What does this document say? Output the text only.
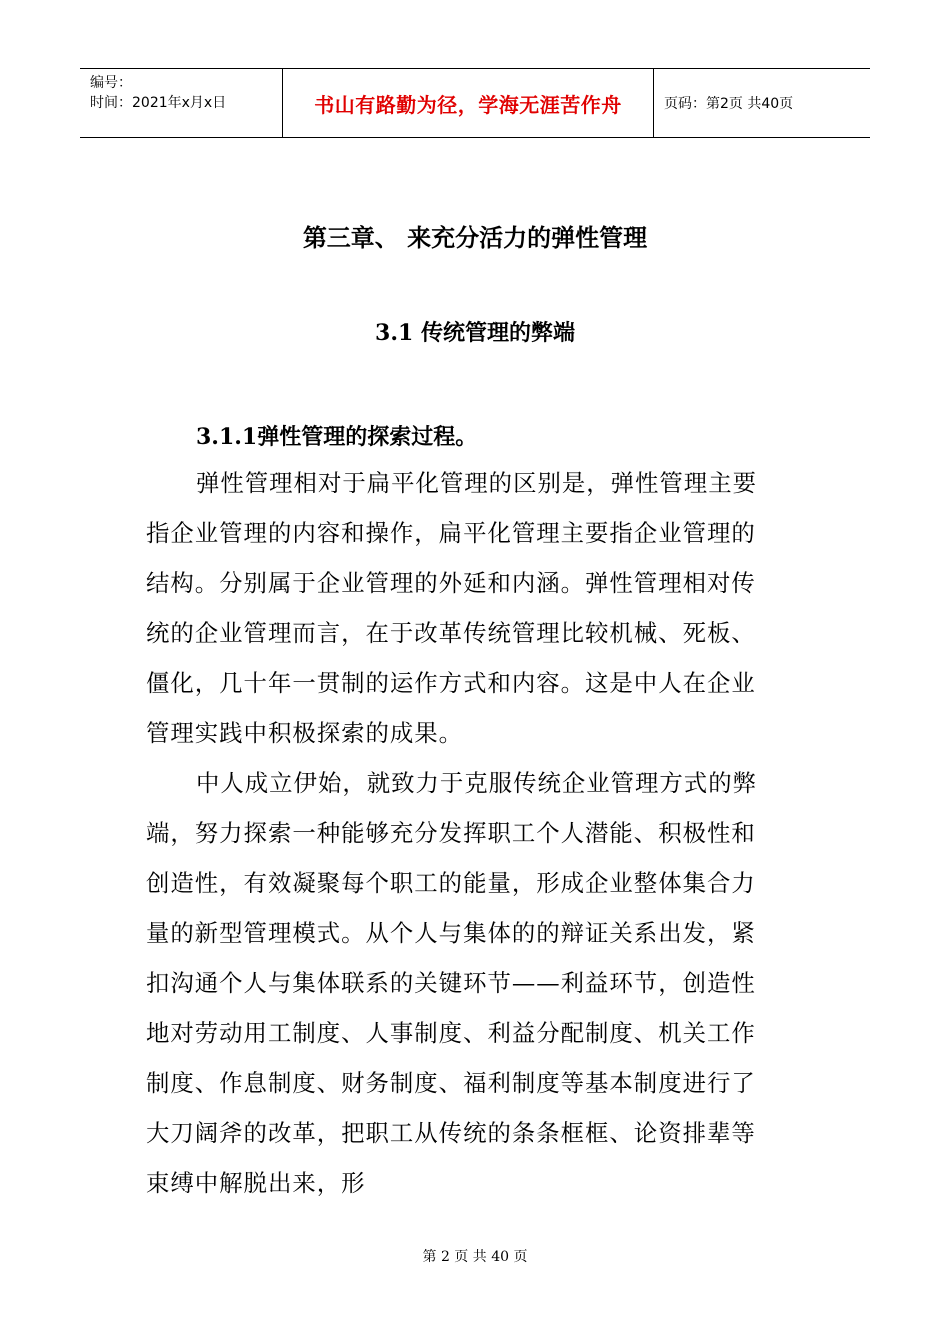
编号：
时间：2021年x月x日	书山有路勤为径，学海无涯苦作舟	页码：第2页 共40页
第三章、 来充分活力的弹性管理
3.1 传统管理的弊端
3.1.1弹性管理的探索过程。

弹性管理相对于扁平化管理的区别是，弹性管理主要指企业管理的内容和操作，扁平化管理主要指企业管理的结构。分别属于企业管理的外延和内涵。弹性管理相对传统的企业管理而言，在于改革传统管理比较机械、死板、僵化，几十年一贯制的运作方式和内容。这是中人在企业管理实践中积极探索的成果。

中人成立伊始，就致力于克服传统企业管理方式的弊端，努力探索一种能够充分发挥职工个人潜能、积极性和创造性，有效凝聚每个职工的能量，形成企业整体集合力量的新型管理模式。从个人与集体的的辩证关系出发，紧扣沟通个人与集体联系的关键环节——利益环节，创造性地对劳动用工制度、人事制度、利益分配制度、机关工作制度、作息制度、财务制度、福利制度等基本制度进行了大刀阔斧的改革，把职工从传统的条条框框、论资排辈等束缚中解脱出来，形

第 2 页 共 40 页
